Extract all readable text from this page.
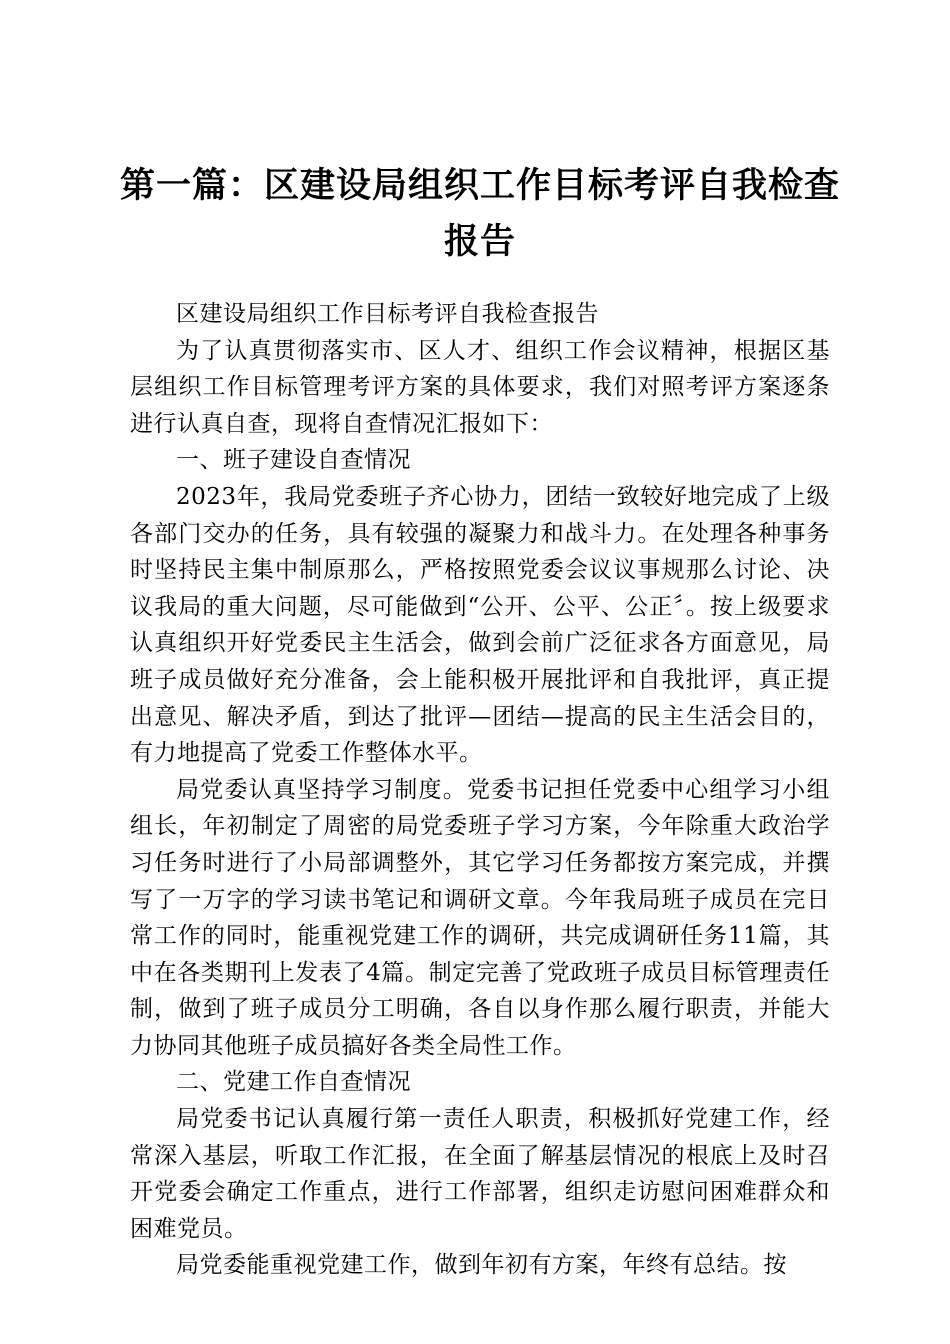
第一篇：区建设局组织工作目标考评自我检查报告

区建设局组织工作目标考评自我检查报告

为了认真贯彻落实市、区人才、组织工作会议精神，根据区基层组织工作目标管理考评方案的具体要求，我们对照考评方案逐条进行认真自查，现将自查情况汇报如下：

一、班子建设自查情况

2023年，我局党委班子齐心协力，团结一致较好地完成了上级各部门交办的任务，具有较强的凝聚力和战斗力。在处理各种事务时坚持民主集中制原那么，严格按照党委会议议事规那么讨论、决议我局的重大问题，尽可能做到“公开、公平、公正〞。按上级要求认真组织开好党委民主生活会，做到会前广泛征求各方面意见，局班子成员做好充分准备，会上能积极开展批评和自我批评，真正提出意见、解决矛盾，到达了批评—团结—提高的民主生活会目的，有力地提高了党委工作整体水平。

局党委认真坚持学习制度。党委书记担任党委中心组学习小组组长，年初制定了周密的局党委班子学习方案，今年除重大政治学习任务时进行了小局部调整外，其它学习任务都按方案完成，并撰写了一万字的学习读书笔记和调研文章。今年我局班子成员在完日常工作的同时，能重视党建工作的调研，共完成调研任务11篇，其中在各类期刊上发表了4篇。制定完善了党政班子成员目标管理责任制，做到了班子成员分工明确，各自以身作那么履行职责，并能大力协同其他班子成员搞好各类全局性工作。

二、党建工作自查情况

局党委书记认真履行第一责任人职责，积极抓好党建工作，经常深入基层，听取工作汇报，在全面了解基层情况的根底上及时召开党委会确定工作重点，进行工作部署，组织走访慰问困难群众和困难党员。

局党委能重视党建工作，做到年初有方案，年终有总结。按
